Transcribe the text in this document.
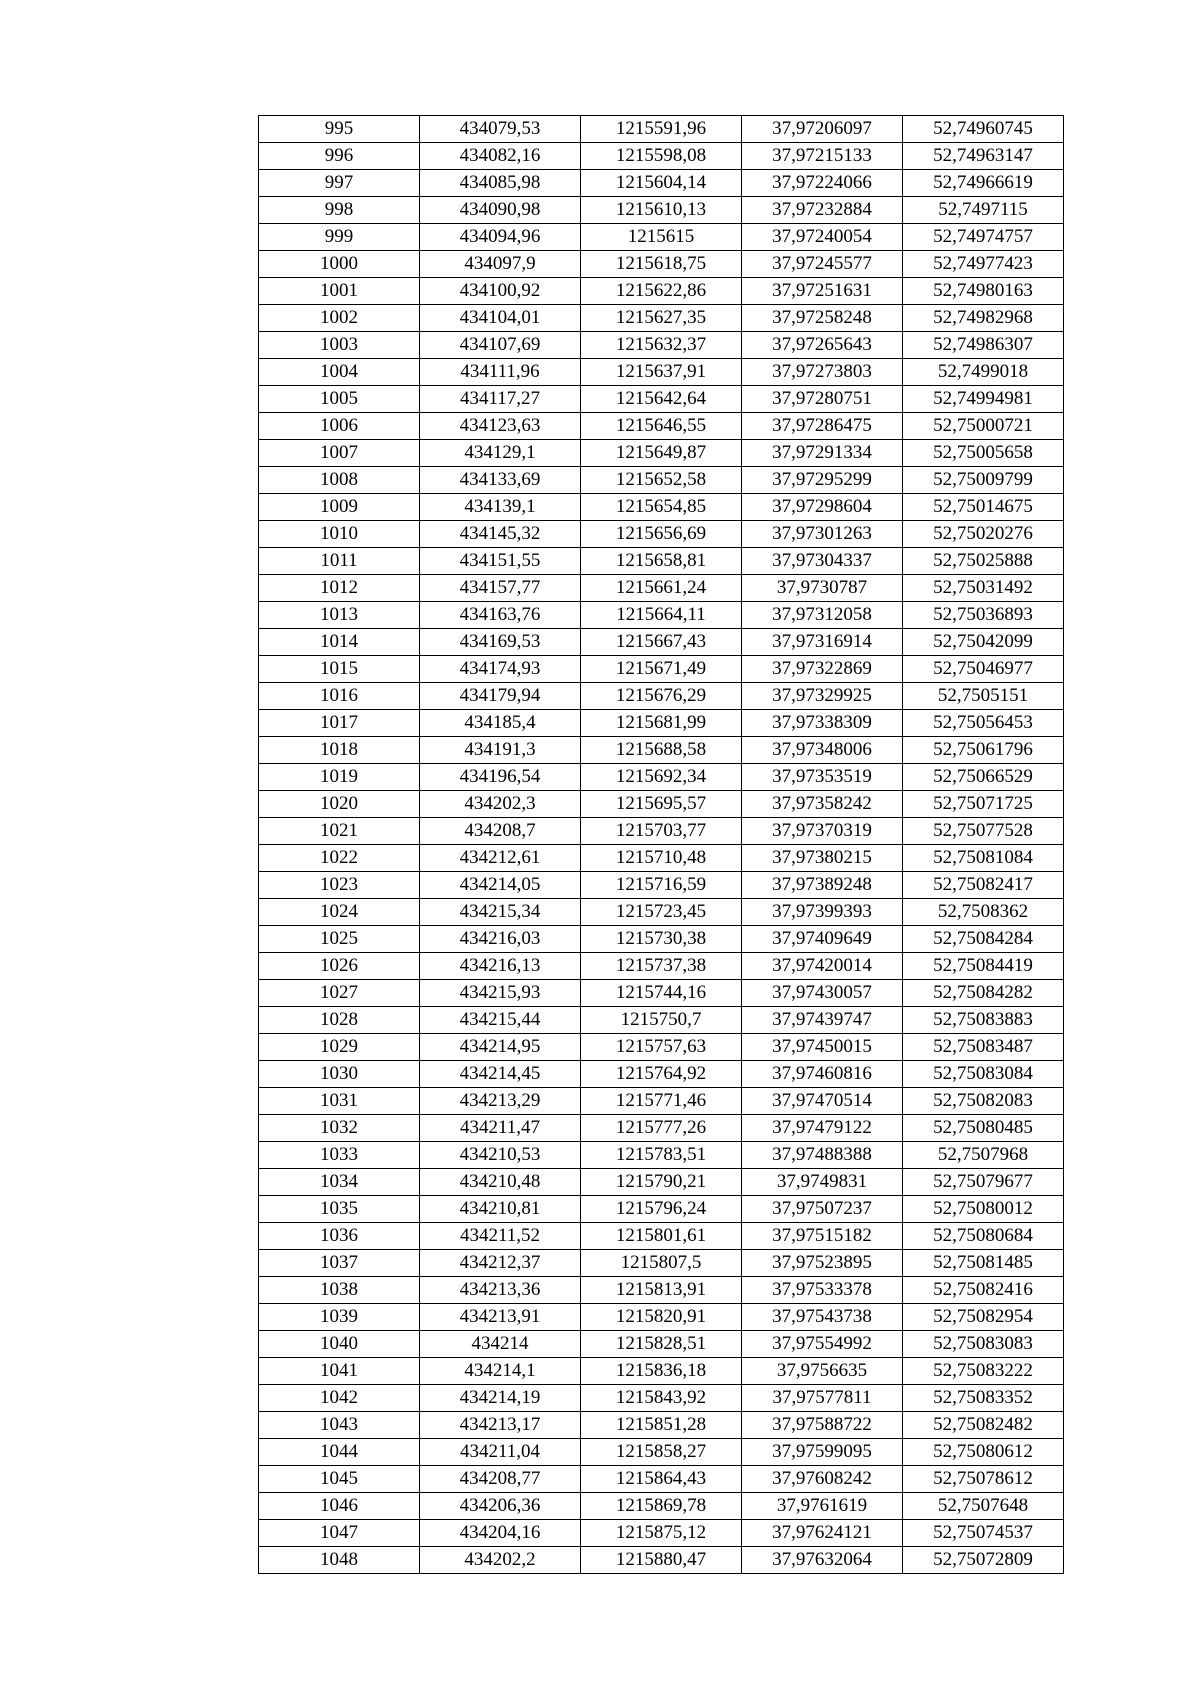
995	434079,53	1215591,96	37,97206097	52,74960745
996	434082,16	1215598,08	37,97215133	52,74963147
997	434085,98	1215604,14	37,97224066	52,74966619
998	434090,98	1215610,13	37,97232884	52,7497115
999	434094,96	1215615	37,97240054	52,74974757
1000	434097,9	1215618,75	37,97245577	52,74977423
1001	434100,92	1215622,86	37,97251631	52,74980163
1002	434104,01	1215627,35	37,97258248	52,74982968
1003	434107,69	1215632,37	37,97265643	52,74986307
1004	434111,96	1215637,91	37,97273803	52,7499018
1005	434117,27	1215642,64	37,97280751	52,74994981
1006	434123,63	1215646,55	37,97286475	52,75000721
1007	434129,1	1215649,87	37,97291334	52,75005658
1008	434133,69	1215652,58	37,97295299	52,75009799
1009	434139,1	1215654,85	37,97298604	52,75014675
1010	434145,32	1215656,69	37,97301263	52,75020276
1011	434151,55	1215658,81	37,97304337	52,75025888
1012	434157,77	1215661,24	37,9730787	52,75031492
1013	434163,76	1215664,11	37,97312058	52,75036893
1014	434169,53	1215667,43	37,97316914	52,75042099
1015	434174,93	1215671,49	37,97322869	52,75046977
1016	434179,94	1215676,29	37,97329925	52,7505151
1017	434185,4	1215681,99	37,97338309	52,75056453
1018	434191,3	1215688,58	37,97348006	52,75061796
1019	434196,54	1215692,34	37,97353519	52,75066529
1020	434202,3	1215695,57	37,97358242	52,75071725
1021	434208,7	1215703,77	37,97370319	52,75077528
1022	434212,61	1215710,48	37,97380215	52,75081084
1023	434214,05	1215716,59	37,97389248	52,75082417
1024	434215,34	1215723,45	37,97399393	52,7508362
1025	434216,03	1215730,38	37,97409649	52,75084284
1026	434216,13	1215737,38	37,97420014	52,75084419
1027	434215,93	1215744,16	37,97430057	52,75084282
1028	434215,44	1215750,7	37,97439747	52,75083883
1029	434214,95	1215757,63	37,97450015	52,75083487
1030	434214,45	1215764,92	37,97460816	52,75083084
1031	434213,29	1215771,46	37,97470514	52,75082083
1032	434211,47	1215777,26	37,97479122	52,75080485
1033	434210,53	1215783,51	37,97488388	52,7507968
1034	434210,48	1215790,21	37,9749831	52,75079677
1035	434210,81	1215796,24	37,97507237	52,75080012
1036	434211,52	1215801,61	37,97515182	52,75080684
1037	434212,37	1215807,5	37,97523895	52,75081485
1038	434213,36	1215813,91	37,97533378	52,75082416
1039	434213,91	1215820,91	37,97543738	52,75082954
1040	434214	1215828,51	37,97554992	52,75083083
1041	434214,1	1215836,18	37,9756635	52,75083222
1042	434214,19	1215843,92	37,97577811	52,75083352
1043	434213,17	1215851,28	37,97588722	52,75082482
1044	434211,04	1215858,27	37,97599095	52,75080612
1045	434208,77	1215864,43	37,97608242	52,75078612
1046	434206,36	1215869,78	37,9761619	52,7507648
1047	434204,16	1215875,12	37,97624121	52,75074537
1048	434202,2	1215880,47	37,97632064	52,75072809
